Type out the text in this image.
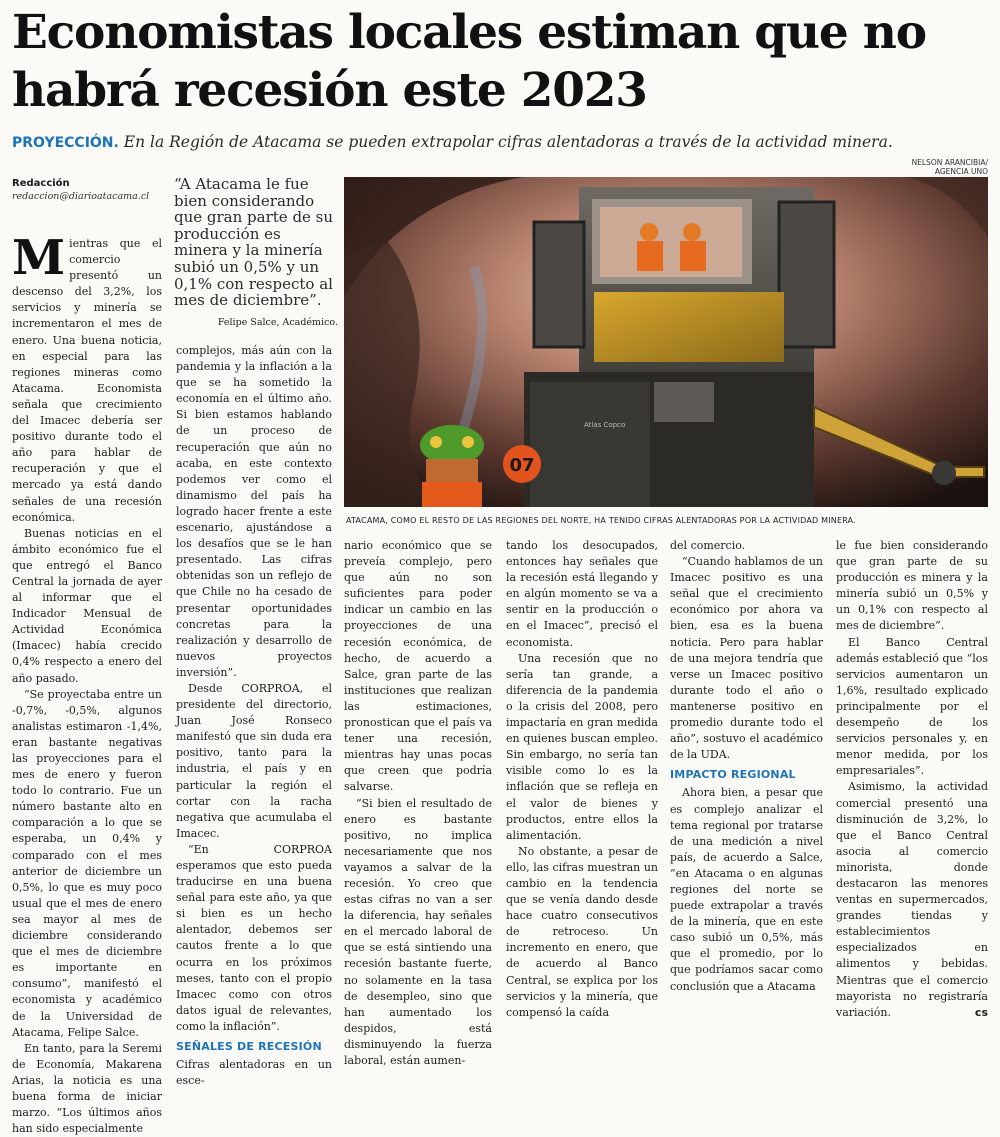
Economistas locales estiman que no habrá recesión este 2023
PROYECCIÓN. En la Región de Atacama se pueden extrapolar cifras alentadoras a través de la actividad minera.
NELSON ARANCIBIA/
AGENCIA UNO
Redacción
redaccion@diarioatacama.cl
“A Atacama le fue bien considerando que gran parte de su producción es minera y la minería subió un 0,5% y un 0,1% con respecto al mes de diciembre”.
Felipe Salce, Académico.
07
Atlas Copco
ATACAMA, COMO EL RESTO DE LAS REGIONES DEL NORTE, HA TENIDO CIFRAS ALENTADORAS POR LA ACTIVIDAD MINERA.

Mientras que el comercio presentó un descenso del 3,2%, los servicios y minería se incrementaron el mes de enero. Una buena noticia, en especial para las regiones mineras como Atacama. Economista señala que crecimiento del Imacec debería ser positivo durante todo el año para hablar de recuperación y que el mercado ya está dando señales de una recesión económica.

Buenas noticias en el ámbito económico fue el que entregó el Banco Central la jornada de ayer al informar que el Indicador Mensual de Actividad Económica (Imacec) había crecido 0,4% respecto a enero del año pasado.

“Se proyectaba entre un -0,7%, -0,5%, algunos analistas estimaron -1,4%, eran bastante negativas las proyecciones para el mes de enero y fueron todo lo contrario. Fue un número bastante alto en comparación a lo que se esperaba, un 0,4% y comparado con el mes anterior de diciembre un 0,5%, lo que es muy poco usual que el mes de enero sea mayor al mes de diciembre considerando que el mes de diciembre es importante en consumo”, manifestó el economista y académico de la Universidad de Atacama, Felipe Salce.

En tanto, para la Seremi de Economía, Makarena Arias, la noticia es una buena forma de iniciar marzo. “Los últimos años han sido especialmente

complejos, más aún con la pandemia y la inflación a la que se ha sometido la economía en el último año. Si bien estamos hablando de un proceso de recuperación que aún no acaba, en este contexto podemos ver como el dinamismo del país ha logrado hacer frente a este escenario, ajustándose a los desafíos que se le han presentado. Las cifras obtenidas son un reflejo de que Chile no ha cesado de presentar oportunidades concretas para la realización y desarrollo de nuevos proyectos inversión”.

Desde CORPROA, el presidente del directorio, Juan José Ronseco manifestó que sin duda era positivo, tanto para la industria, el país y en particular la región el cortar con la racha negativa que acumulaba el Imacec.

“En CORPROA esperamos que esto pueda traducirse en una buena señal para este año, ya que si bien es un hecho alentador, debemos ser cautos frente a lo que ocurra en los próximos meses, tanto con el propio Imacec como con otros datos igual de relevantes, como la inflación”.

SEÑALES DE RECESIÓN

Cifras alentadoras en un esce-

nario económico que se preveía complejo, pero que aún no son suficientes para poder indicar un cambio en las proyecciones de una recesión económica, de hecho, de acuerdo a Salce, gran parte de las instituciones que realizan las estimaciones, pronostican que el país va tener una recesión, mientras hay unas pocas que creen que podría salvarse.

“Si bien el resultado de enero es bastante positivo, no implica necesariamente que nos vayamos a salvar de la recesión. Yo creo que estas cifras no van a ser la diferencia, hay señales en el mercado laboral de que se está sintiendo una recesión bastante fuerte, no solamente en la tasa de desempleo, sino que han aumentado los despidos, está disminuyendo la fuerza laboral, están aumen-

tando los desocupados, entonces hay señales que la recesión está llegando y en algún momento se va a sentir en la producción o en el Imacec”, precisó el economista.

Una recesión que no sería tan grande, a diferencia de la pandemia o la crisis del 2008, pero impactaría en gran medida en quienes buscan empleo. Sin embargo, no sería tan visible como lo es la inflación que se refleja en el valor de bienes y productos, entre ellos la alimentación.

No obstante, a pesar de ello, las cifras muestran un cambio en la tendencia que se venía dando desde hace cuatro consecutivos de retroceso. Un incremento en enero, que de acuerdo al Banco Central, se explica por los servicios y la minería, que compensó la caída

del comercio.

“Cuando hablamos de un Imacec positivo es una señal que el crecimiento económico por ahora va bien, esa es la buena noticia. Pero para hablar de una mejora tendría que verse un Imacec positivo durante todo el año o mantenerse positivo en promedio durante todo el año”, sostuvo el académico de la UDA.

IMPACTO REGIONAL

Ahora bien, a pesar que es complejo analizar el tema regional por tratarse de una medición a nivel país, de acuerdo a Salce, “en Atacama o en algunas regiones del norte se puede extrapolar a través de la minería, que en este caso subió un 0,5%, más que el promedio, por lo que podríamos sacar como conclusión que a Atacama

le fue bien considerando que gran parte de su producción es minera y la minería subió un 0,5% y un 0,1% con respecto al mes de diciembre”.

El Banco Central además estableció que “los servicios aumentaron un 1,6%, resultado explicado principalmente por el desempeño de los servicios personales y, en menor medida, por los empresariales”.

Asimismo, la actividad comercial presentó una disminución de 3,2%, lo que el Banco Central asocia al comercio minorista, donde destacaron las menores ventas en supermercados, grandes tiendas y establecimientos especializados en alimentos y bebidas. Mientras que el comercio mayorista no registraría variación.	cs
